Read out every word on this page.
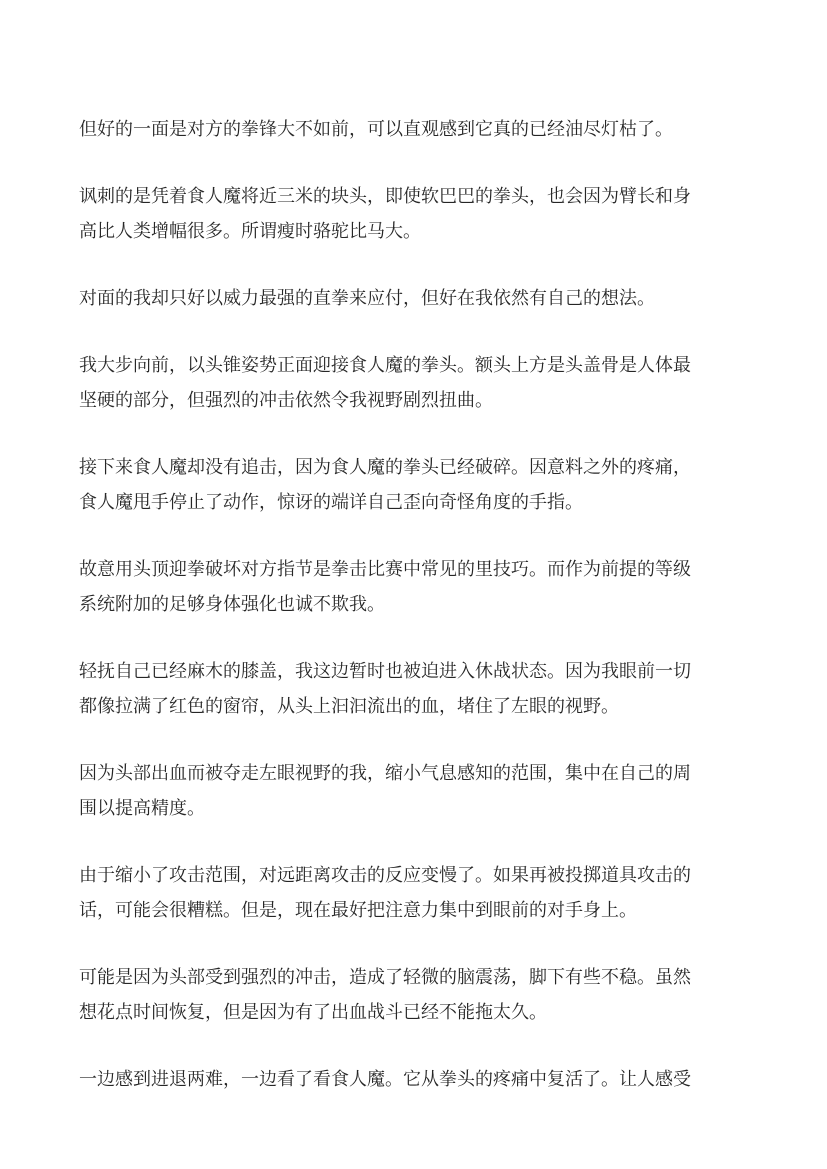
但好的一面是对方的拳锋大不如前，可以直观感到它真的已经油尽灯枯了。

讽刺的是凭着食人魔将近三米的块头，即使软巴巴的拳头，也会因为臂长和身
高比人类增幅很多。所谓瘦时骆驼比马大。

对面的我却只好以威力最强的直拳来应付，但好在我依然有自己的想法。

我大步向前，以头锥姿势正面迎接食人魔的拳头。额头上方是头盖骨是人体最
坚硬的部分，但强烈的冲击依然令我视野剧烈扭曲。

接下来食人魔却没有追击，因为食人魔的拳头已经破碎。因意料之外的疼痛，
食人魔甩手停止了动作，惊讶的端详自己歪向奇怪角度的手指。

故意用头顶迎拳破坏对方指节是拳击比赛中常见的里技巧。而作为前提的等级
系统附加的足够身体强化也诚不欺我。

轻抚自己已经麻木的膝盖，我这边暂时也被迫进入休战状态。因为我眼前一切
都像拉满了红色的窗帘，从头上汩汩流出的血，堵住了左眼的视野。

因为头部出血而被夺走左眼视野的我，缩小气息感知的范围，集中在自己的周
围以提高精度。

由于缩小了攻击范围，对远距离攻击的反应变慢了。如果再被投掷道具攻击的
话，可能会很糟糕。但是，现在最好把注意力集中到眼前的对手身上。

可能是因为头部受到强烈的冲击，造成了轻微的脑震荡，脚下有些不稳。虽然
想花点时间恢复，但是因为有了出血战斗已经不能拖太久。

一边感到进退两难，一边看了看食人魔。它从拳头的疼痛中复活了。让人感受
